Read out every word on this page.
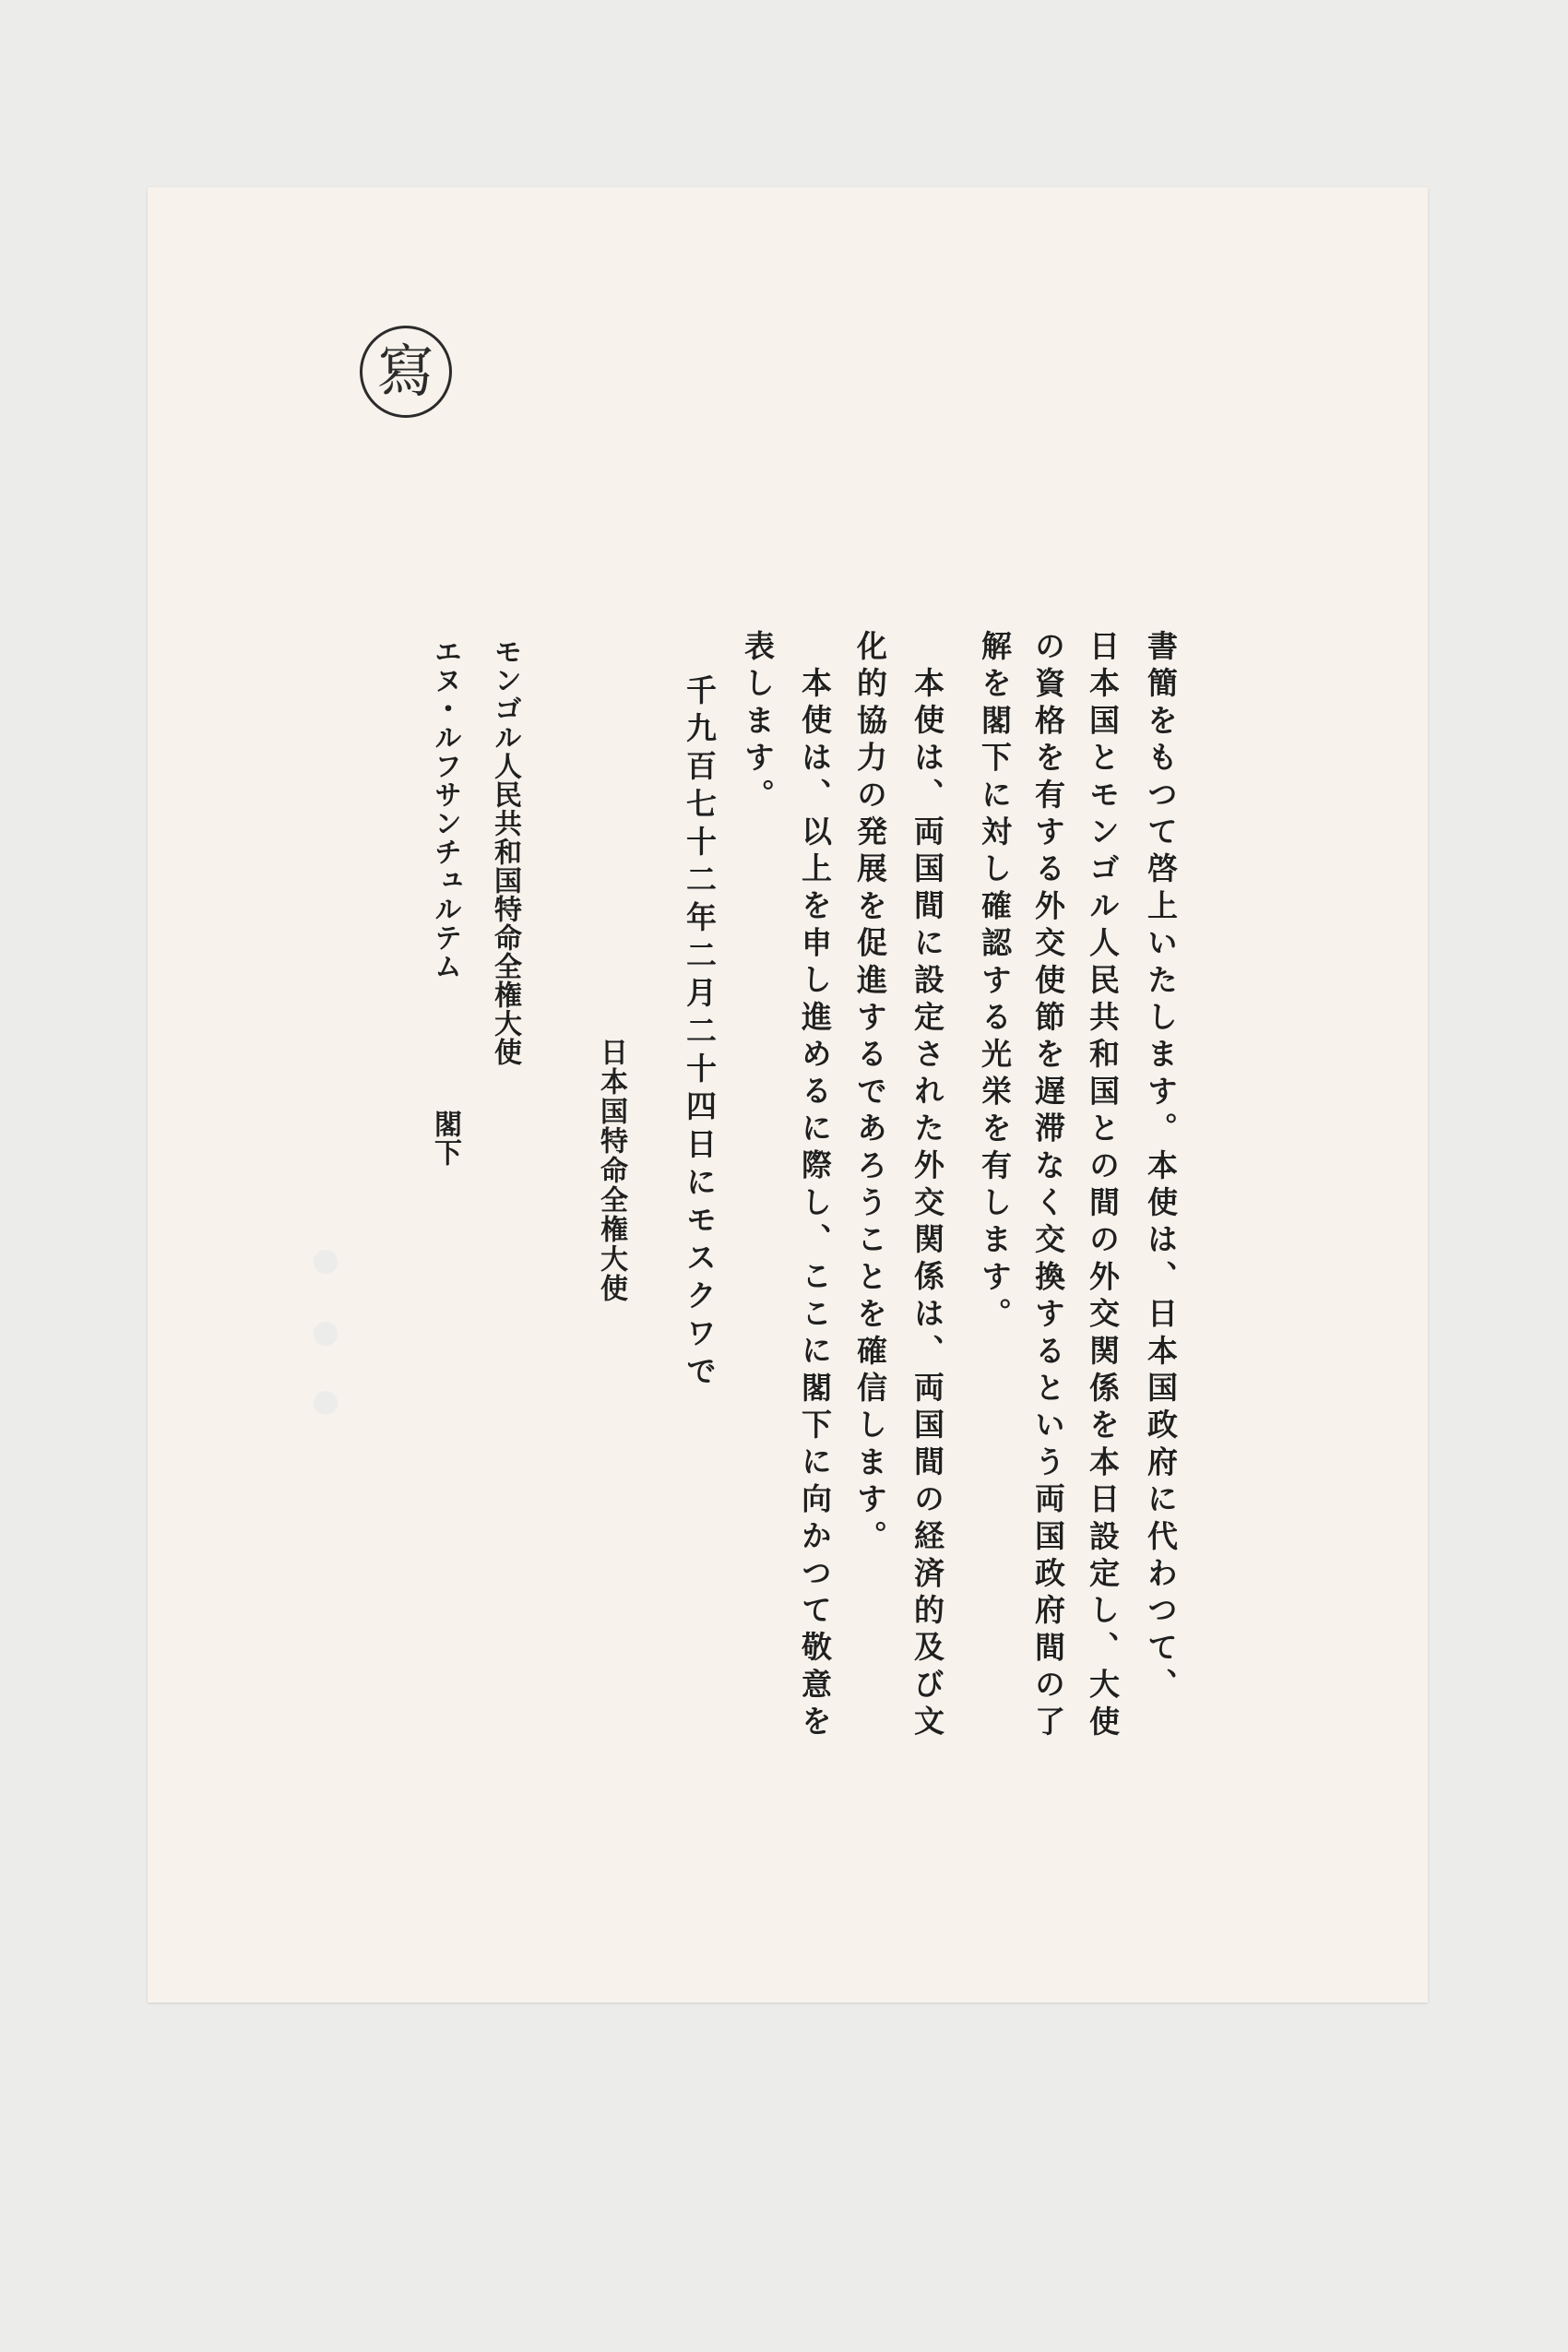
寫

書簡をもつて啓上いたします。本使は、日本国政府に代わつて、

日本国とモンゴル人民共和国との間の外交関係を本日設定し、大使

の資格を有する外交使節を遅滞なく交換するという両国政府間の了

解を閣下に対し確認する光栄を有します。

本使は、両国間に設定された外交関係は、両国間の経済的及び文

化的協力の発展を促進するであろうことを確信します。

本使は、以上を申し進めるに際し、ここに閣下に向かつて敬意を

表します。

千九百七十二年二月二十四日にモスクワで

日本国特命全権大使

モンゴル人民共和国特命全権大使

エヌ・ルフサンチュルテム

閣下
